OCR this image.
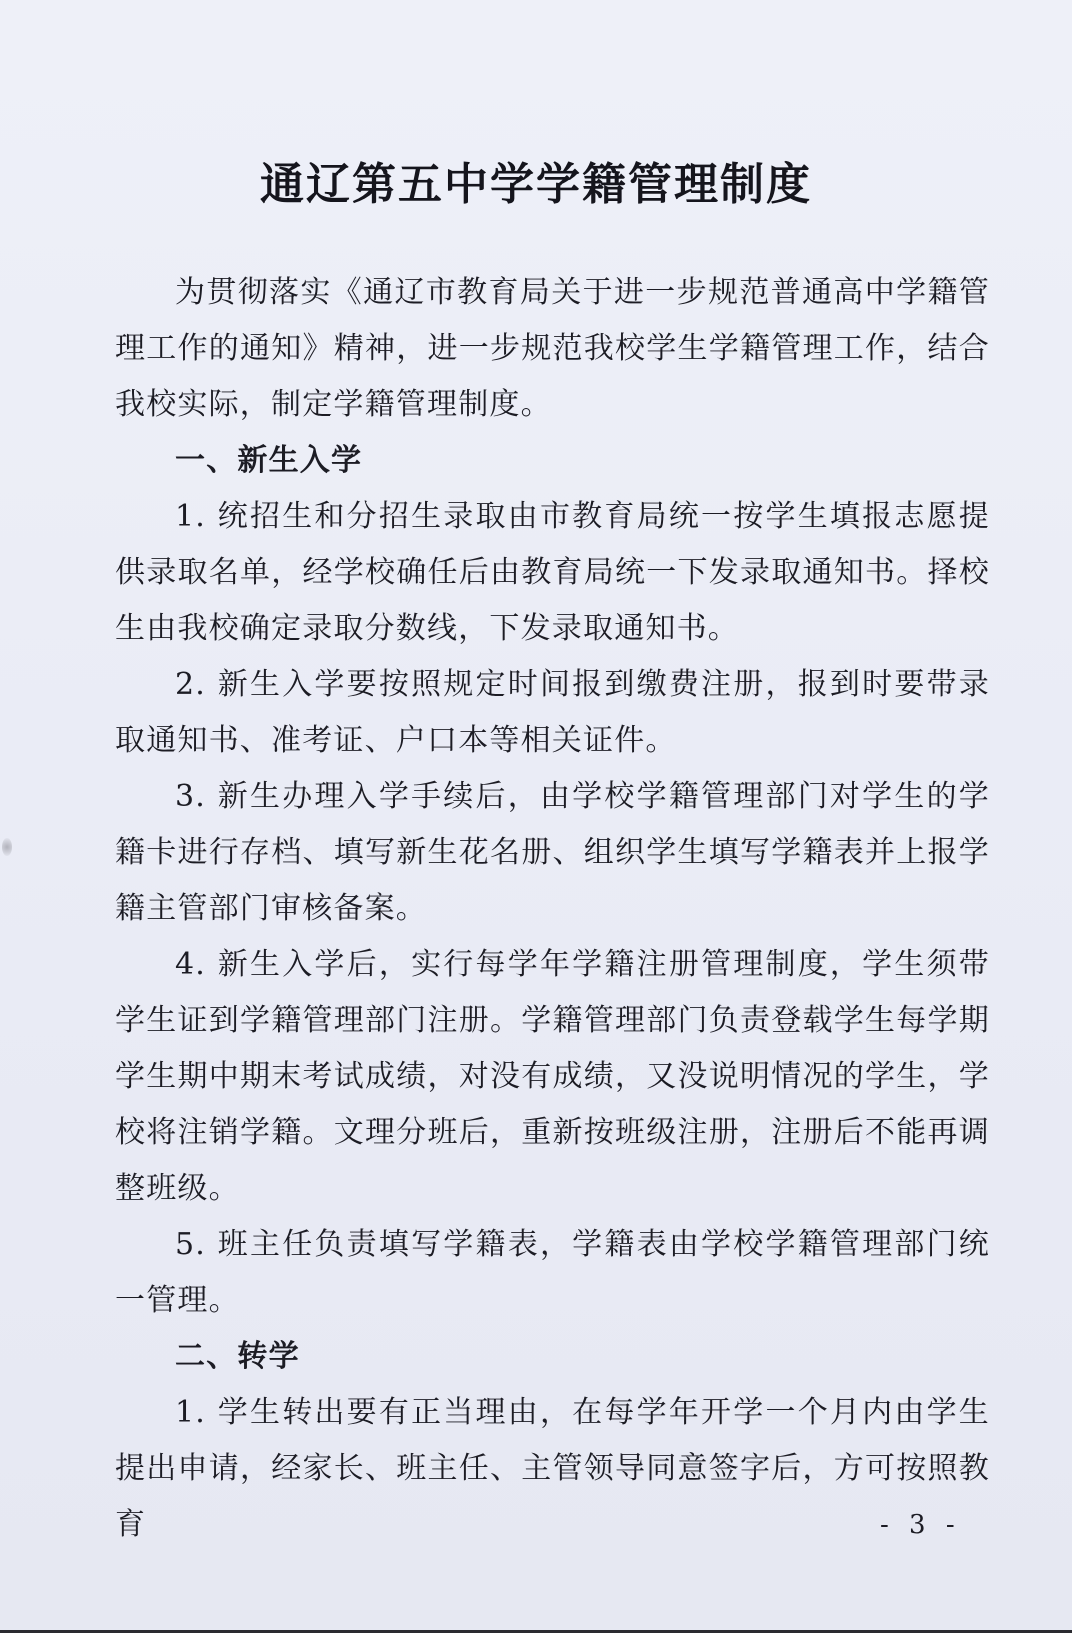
通辽第五中学学籍管理制度

为贯彻落实《通辽市教育局关于进一步规范普通高中学籍管理工作的通知》精神，进一步规范我校学生学籍管理工作，结合我校实际，制定学籍管理制度。

一、新生入学

1. 统招生和分招生录取由市教育局统一按学生填报志愿提供录取名单，经学校确任后由教育局统一下发录取通知书。择校生由我校确定录取分数线，下发录取通知书。

2. 新生入学要按照规定时间报到缴费注册，报到时要带录取通知书、准考证、户口本等相关证件。

3. 新生办理入学手续后，由学校学籍管理部门对学生的学籍卡进行存档、填写新生花名册、组织学生填写学籍表并上报学籍主管部门审核备案。

4. 新生入学后，实行每学年学籍注册管理制度，学生须带学生证到学籍管理部门注册。学籍管理部门负责登载学生每学期学生期中期末考试成绩，对没有成绩，又没说明情况的学生，学校将注销学籍。文理分班后，重新按班级注册，注册后不能再调整班级。

5. 班主任负责填写学籍表，学籍表由学校学籍管理部门统一管理。

二、转学

1. 学生转出要有正当理由，在每学年开学一个月内由学生提出申请，经家长、班主任、主管领导同意签字后，方可按照教育	- 3 -
